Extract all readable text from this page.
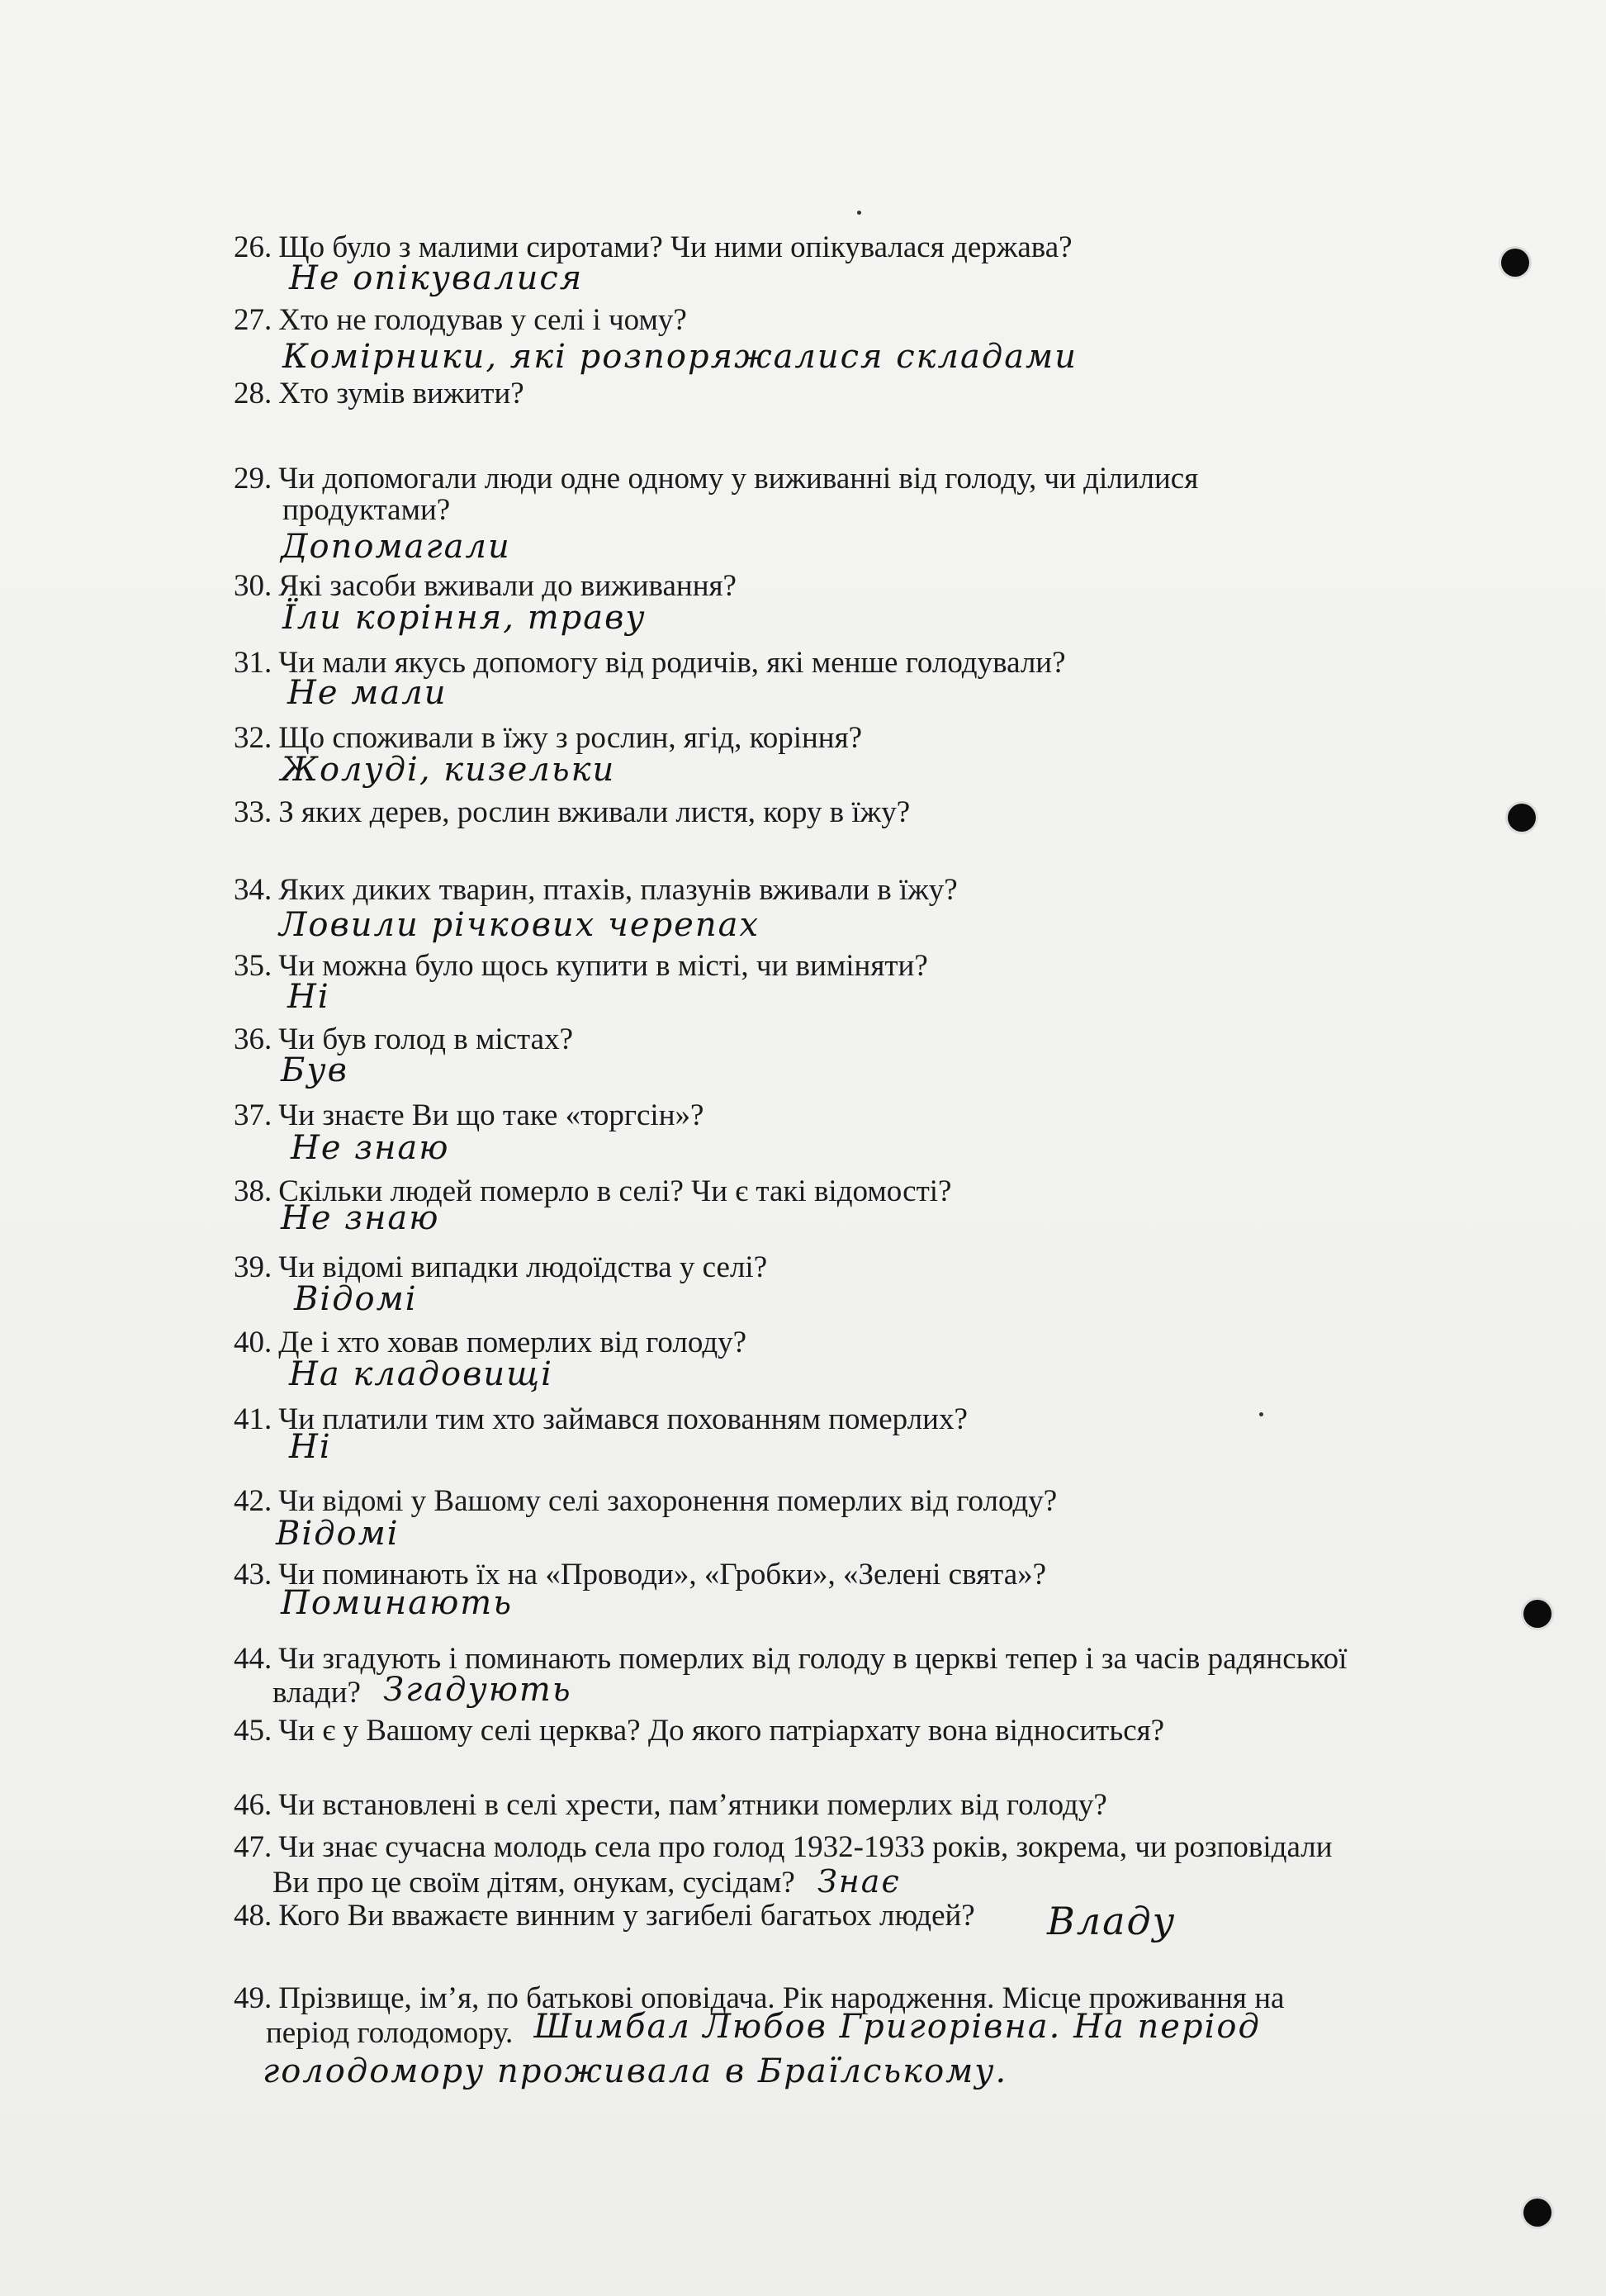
26. Що було з малими сиротами? Чи ними опікувалася держава?
Не опікувалися
27. Хто не голодував у селі і чому?
Комірники, які розпоряжалися складами
28. Хто зумів вижити?
29. Чи допомогали люди одне одному у виживанні від голоду, чи ділилися
продуктами?
Допомагали
30. Які засоби вживали до виживання?
Їли коріння, траву
31. Чи мали якусь допомогу від родичів, які менше голодували?
Не мали
32. Що споживали в їжу з рослин, ягід, коріння?
Жолуді, кизельки
33. З яких дерев, рослин вживали листя, кору в їжу?
34. Яких диких тварин, птахів, плазунів вживали в їжу?
Ловили річкових черепах
35. Чи можна було щось купити в місті, чи виміняти?
Ні
36. Чи був голод в містах?
Був
37. Чи знаєте Ви що таке «торгсін»?
Не знаю
38. Скільки людей померло в селі? Чи є такі відомості?
Не знаю
39. Чи відомі випадки людоїдства у селі?
Відомі
40. Де і хто ховав померлих від голоду?
На кладовищі
41. Чи платили тим хто займався похованням померлих?
Ні
42. Чи відомі у Вашому селі захоронення померлих від голоду?
Відомі
43. Чи поминають їх на «Проводи», «Гробки», «Зелені свята»?
Поминають
44. Чи згадують і поминають померлих від голоду в церкві тепер і за часів радянської
влади? Згадують
45. Чи є у Вашому селі церква? До якого патріархату вона відноситься?
46. Чи встановлені в селі хрести, пам’ятники померлих від голоду?
47. Чи знає сучасна молодь села про голод 1932-1933 років, зокрема, чи розповідали
Ви про це своїм дітям, онукам, сусідам? Знає
48. Кого Ви вважаєте винним у загибелі багатьох людей? Владу
49. Прізвище, ім’я, по батькові оповідача. Рік народження. Місце проживання на
період голодомору. Шимбал Любов Григорівна. На період
голодомору проживала в Браїлському.
